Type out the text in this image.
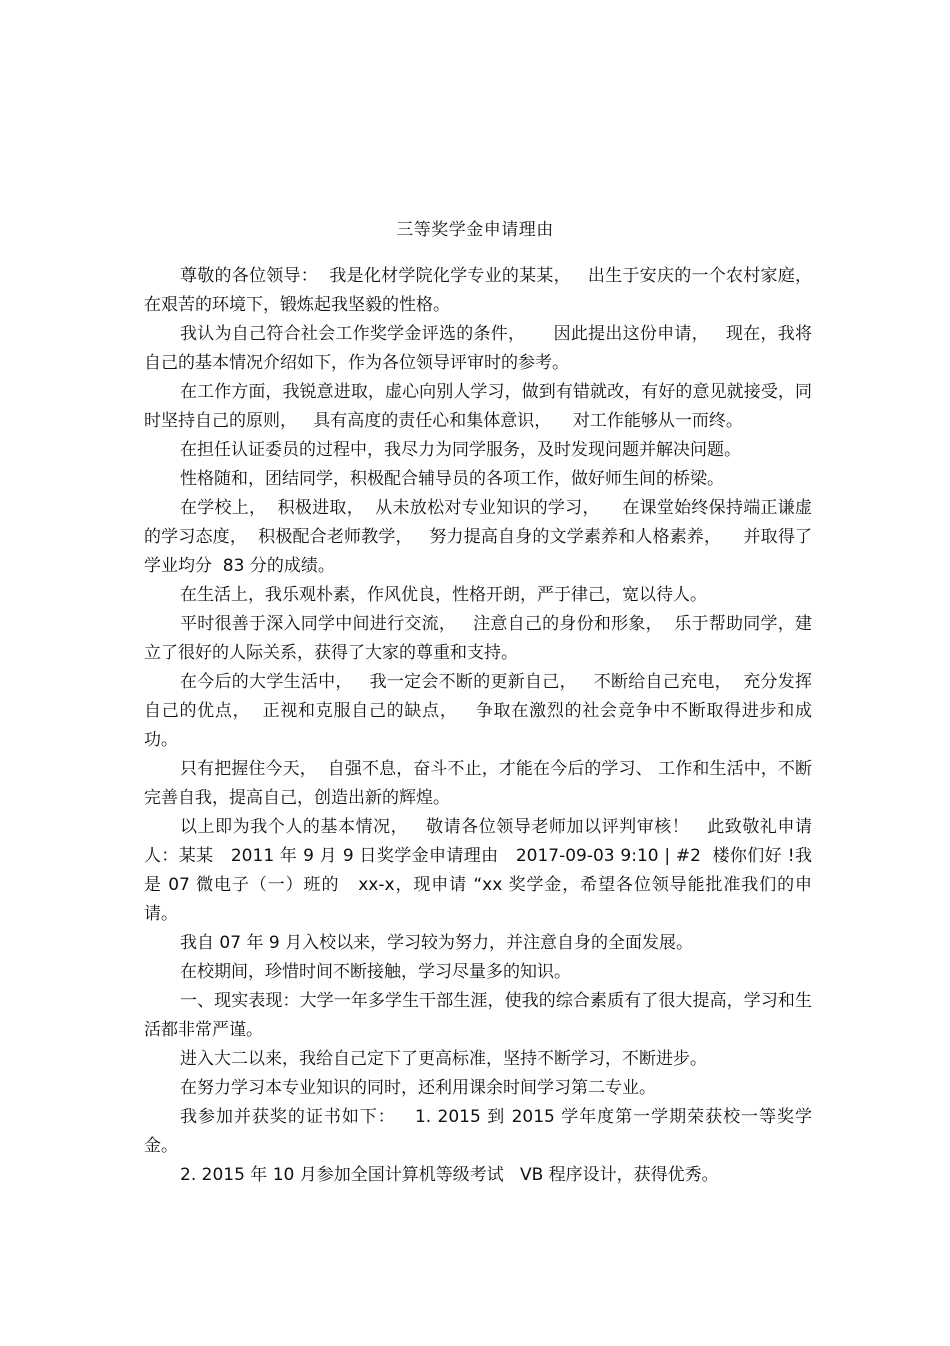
三等奖学金申请理由

尊敬的各位领导：  我是化材学院化学专业的某某，   出生于安庆的一个农村家庭，在艰苦的环境下，锻炼起我坚毅的性格。

我认为自己符合社会工作奖学金评选的条件，     因此提出这份申请，   现在，我将自己的基本情况介绍如下，作为各位领导评审时的参考。

在工作方面，我锐意进取，虚心向别人学习，做到有错就改，有好的意见就接受，同时坚持自己的原则，   具有高度的责任心和集体意识，    对工作能够从一而终。

在担任认证委员的过程中，我尽力为同学服务，及时发现问题并解决问题。

性格随和，团结同学，积极配合辅导员的各项工作，做好师生间的桥梁。

在学校上，  积极进取，  从未放松对专业知识的学习，    在课堂始终保持端正谦虚的学习态度，  积极配合老师教学，   努力提高自身的文学素养和人格素养，    并取得了学业均分  83 分的成绩。

在生活上，我乐观朴素，作风优良，性格开朗，严于律己，宽以待人。

平时很善于深入同学中间进行交流，   注意自己的身份和形象，  乐于帮助同学，建立了很好的人际关系，获得了大家的尊重和支持。

在今后的大学生活中，   我一定会不断的更新自己，   不断给自己充电，  充分发挥自己的优点，  正视和克服自己的缺点，   争取在激烈的社会竞争中不断取得进步和成功。

只有把握住今天，  自强不息，奋斗不止，才能在今后的学习、 工作和生活中，不断完善自我，提高自己，创造出新的辉煌。

以上即为我个人的基本情况，   敬请各位领导老师加以评判审核！   此致敬礼申请人：某某   2011 年 9 月 9 日奖学金申请理由   2017-09-03 9:10 | #2  楼你们好 !我是 07 微电子（一）班的   xx-x，现申请 “xx 奖学金，希望各位领导能批准我们的申请。

我自 07 年 9 月入校以来，学习较为努力，并注意自身的全面发展。

在校期间，珍惜时间不断接触，学习尽量多的知识。

一、现实表现：大学一年多学生干部生涯，使我的综合素质有了很大提高，学习和生活都非常严谨。

进入大二以来，我给自己定下了更高标准，坚持不断学习，不断进步。

在努力学习本专业知识的同时，还利用课余时间学习第二专业。

我参加并获奖的证书如下：   1. 2015 到 2015 学年度第一学期荣获校一等奖学金。

2. 2015 年 10 月参加全国计算机等级考试   VB 程序设计，获得优秀。
